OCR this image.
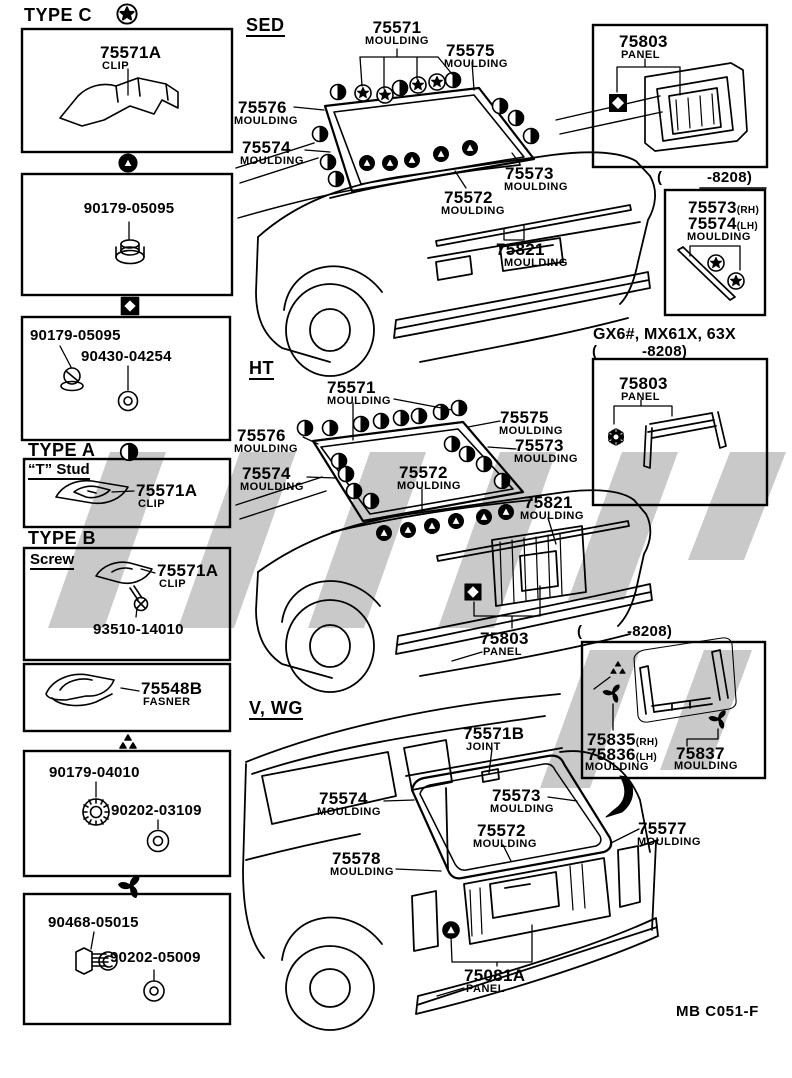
TYPE C
75571A
CLIP
90179-05095
90179-05095
90430-04254
TYPE A
“T” Stud
75571A
CLIP
TYPE B
Screw
75571A
CLIP
93510-14010
75548B
FASNER
90179-04010
90202-03109
90468-05015
90202-05009
SED	75571
MOULDING	75575
MOULDING
75576
MOULDING
75574
MOULDING
75573
MOULDING
75572
MOULDING
75821
MOULDING
HT
75571
MOULDING
75575
MOULDING
75576
MOULDING	75573
MOULDING
75574
MOULDING
75572
MOULDING
75821
MOULDING
75803
PANEL
V, WG
75571B
JOINT
75574
MOULDING
75573
MOULDING
75572
MOULDING
75578
MOULDING
75577
MOULDING
75081A
PANEL
75803
PANEL
(          -8208)
75573(RH)
75574(LH)
MOULDING
GX6#, MX61X, 63X
(          -8208)
75803
PANEL
(          -8208)
75835(RH)
75836(LH)
MOULDING
75837
MOULDING
MB C051-F
